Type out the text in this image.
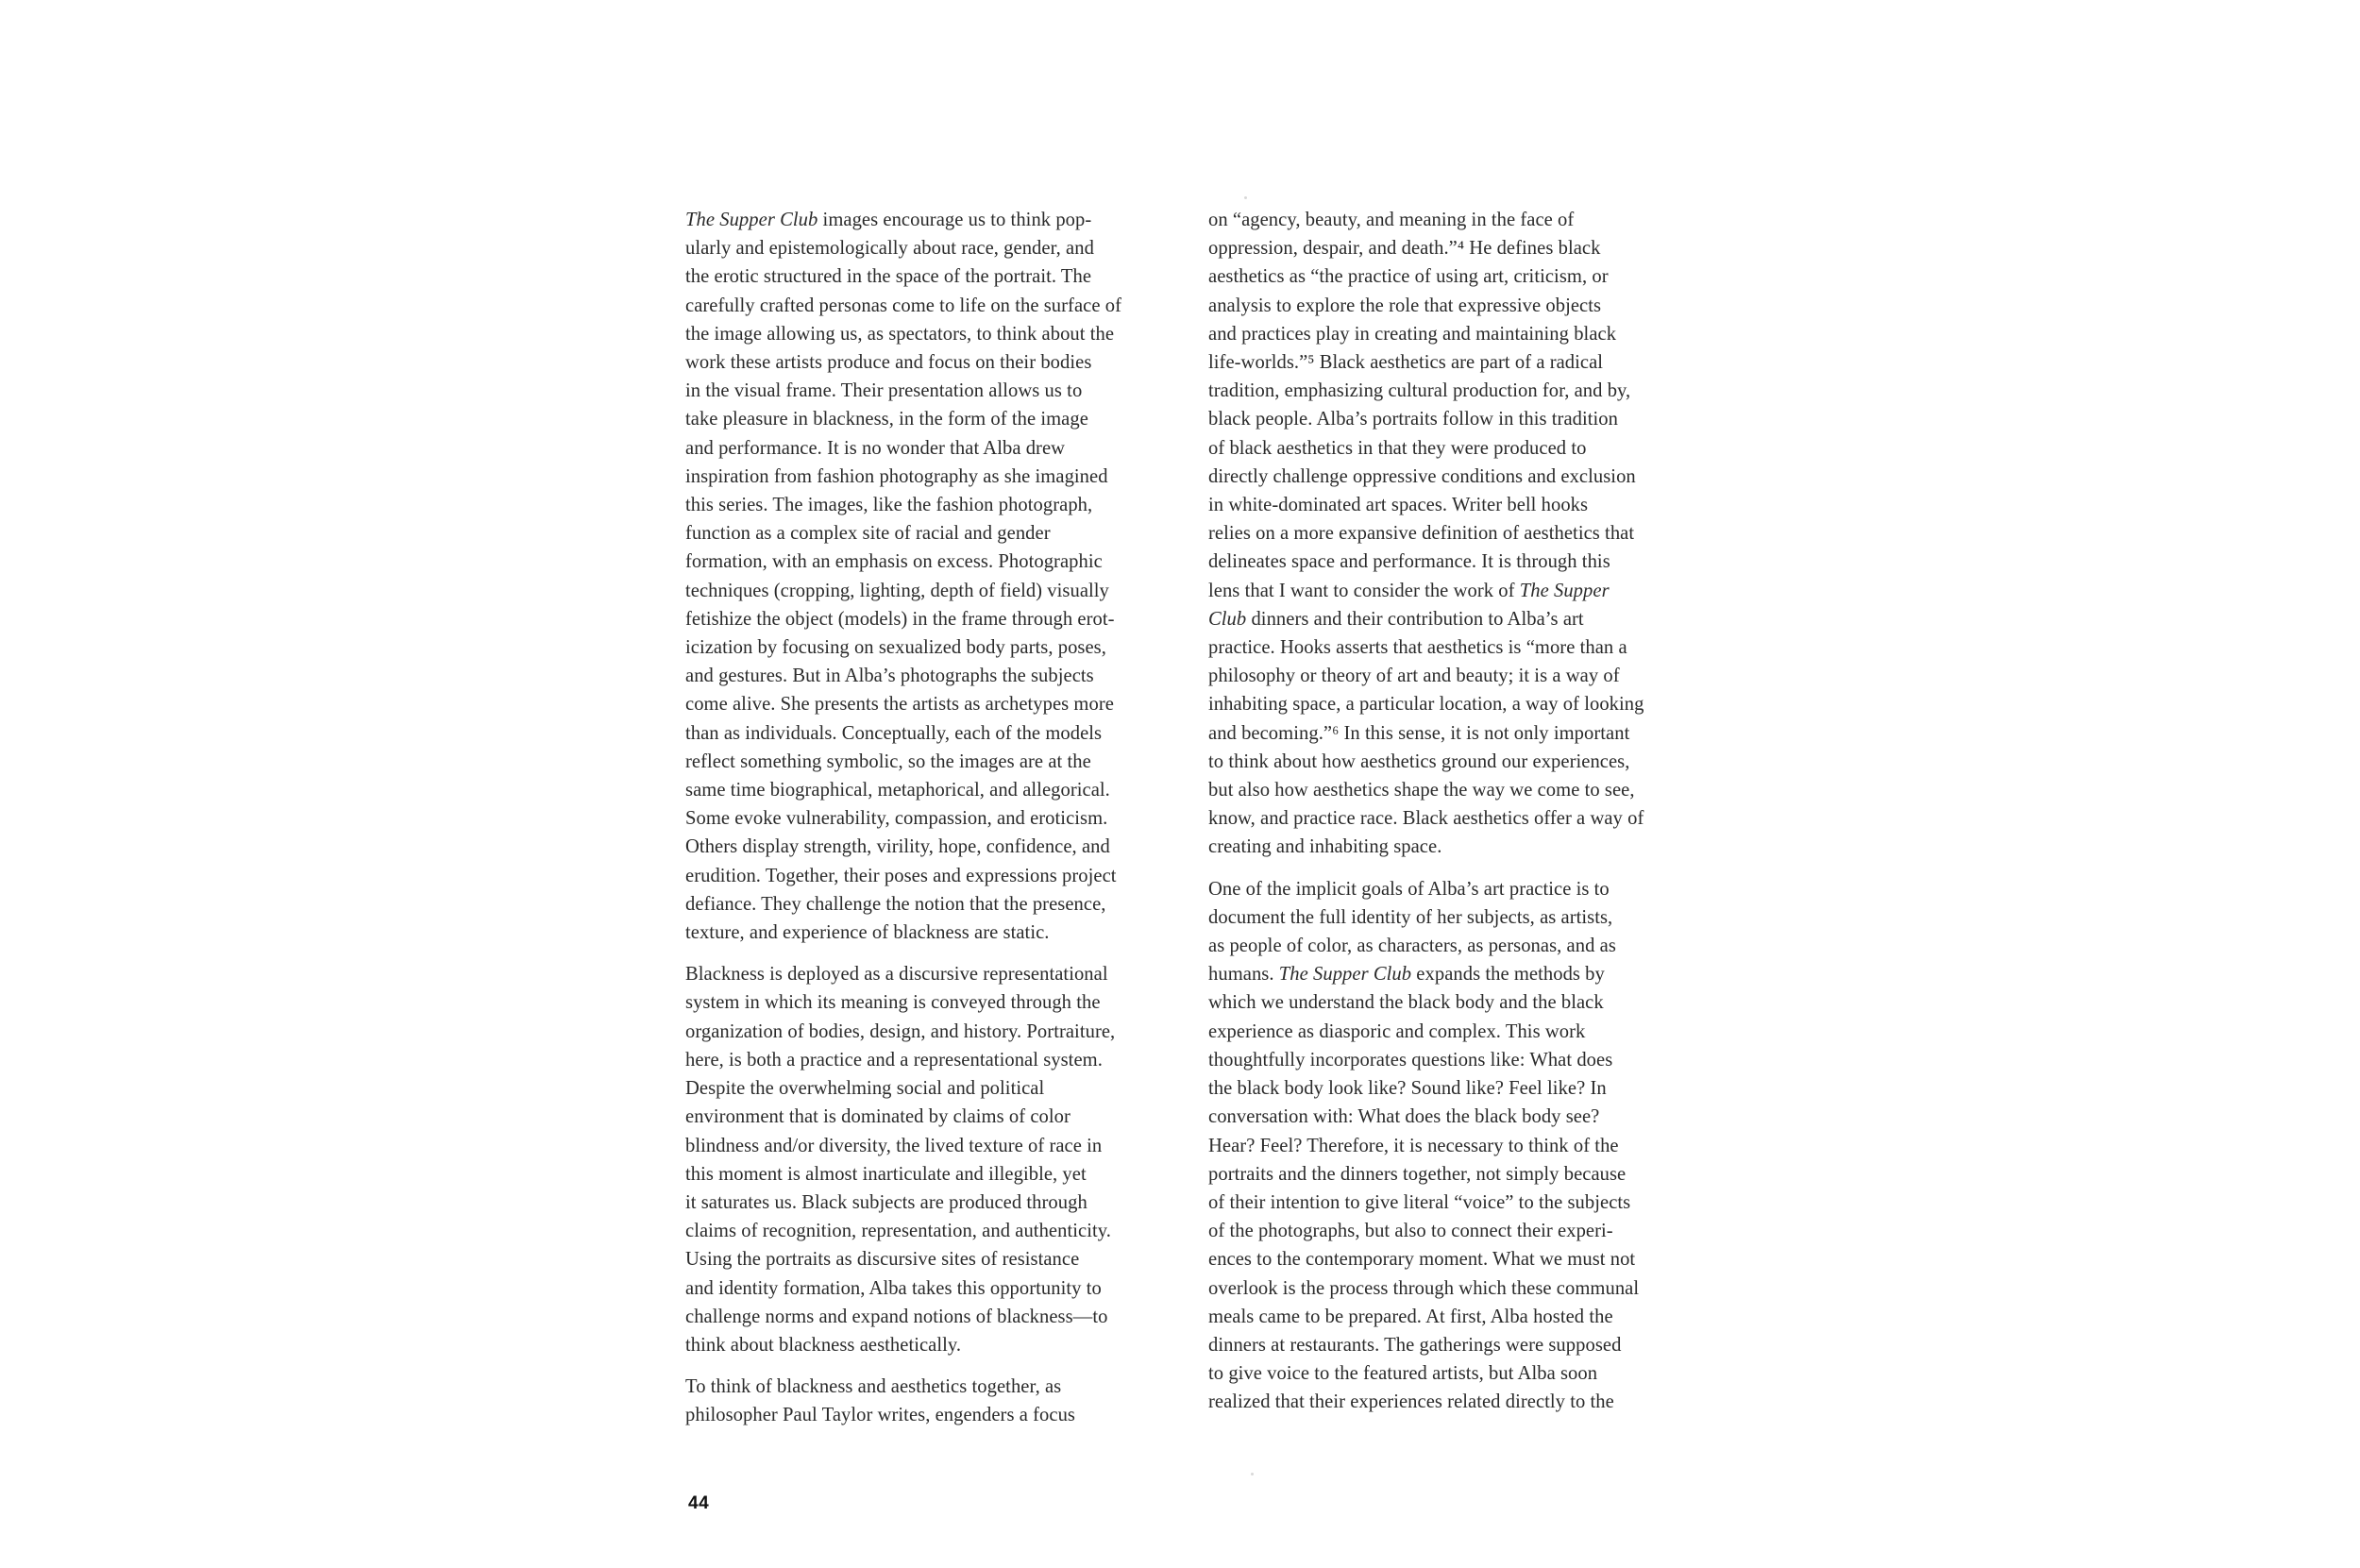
The Supper Club images encourage us to think pop-
ularly and epistemologically about race, gender, and
the erotic structured in the space of the portrait. The
carefully crafted personas come to life on the surface of
the image allowing us, as spectators, to think about the
work these artists produce and focus on their bodies
in the visual frame. Their presentation allows us to
take pleasure in blackness, in the form of the image
and performance. It is no wonder that Alba drew
inspiration from fashion photography as she imagined
this series. The images, like the fashion photograph,
function as a complex site of racial and gender
formation, with an emphasis on excess. Photographic
techniques (cropping, lighting, depth of field) visually
fetishize the object (models) in the frame through erot-
icization by focusing on sexualized body parts, poses,
and gestures. But in Alba’s photographs the subjects
come alive. She presents the artists as archetypes more
than as individuals. Conceptually, each of the models
reflect something symbolic, so the images are at the
same time biographical, metaphorical, and allegorical.
Some evoke vulnerability, compassion, and eroticism.
Others display strength, virility, hope, confidence, and
erudition. Together, their poses and expressions project
defiance. They challenge the notion that the presence,
texture, and experience of blackness are static.
Blackness is deployed as a discursive representational
system in which its meaning is conveyed through the
organization of bodies, design, and history. Portraiture,
here, is both a practice and a representational system.
Despite the overwhelming social and political
environment that is dominated by claims of color
blindness and/or diversity, the lived texture of race in
this moment is almost inarticulate and illegible, yet
it saturates us. Black subjects are produced through
claims of recognition, representation, and authenticity.
Using the portraits as discursive sites of resistance
and identity formation, Alba takes this opportunity to
challenge norms and expand notions of blackness—to
think about blackness aesthetically.
To think of blackness and aesthetics together, as
philosopher Paul Taylor writes, engenders a focus
on “agency, beauty, and meaning in the face of
oppression, despair, and death.”⁴ He defines black
aesthetics as “the practice of using art, criticism, or
analysis to explore the role that expressive objects
and practices play in creating and maintaining black
life-worlds.”⁵ Black aesthetics are part of a radical
tradition, emphasizing cultural production for, and by,
black people. Alba’s portraits follow in this tradition
of black aesthetics in that they were produced to
directly challenge oppressive conditions and exclusion
in white-dominated art spaces. Writer bell hooks
relies on a more expansive definition of aesthetics that
delineates space and performance. It is through this
lens that I want to consider the work of The Supper
Club dinners and their contribution to Alba’s art
practice. Hooks asserts that aesthetics is “more than a
philosophy or theory of art and beauty; it is a way of
inhabiting space, a particular location, a way of looking
and becoming.”⁶ In this sense, it is not only important
to think about how aesthetics ground our experiences,
but also how aesthetics shape the way we come to see,
know, and practice race. Black aesthetics offer a way of
creating and inhabiting space.
One of the implicit goals of Alba’s art practice is to
document the full identity of her subjects, as artists,
as people of color, as characters, as personas, and as
humans. The Supper Club expands the methods by
which we understand the black body and the black
experience as diasporic and complex. This work
thoughtfully incorporates questions like: What does
the black body look like? Sound like? Feel like? In
conversation with: What does the black body see?
Hear? Feel? Therefore, it is necessary to think of the
portraits and the dinners together, not simply because
of their intention to give literal “voice” to the subjects
of the photographs, but also to connect their experi-
ences to the contemporary moment. What we must not
overlook is the process through which these communal
meals came to be prepared. At first, Alba hosted the
dinners at restaurants. The gatherings were supposed
to give voice to the featured artists, but Alba soon
realized that their experiences related directly to the
44
